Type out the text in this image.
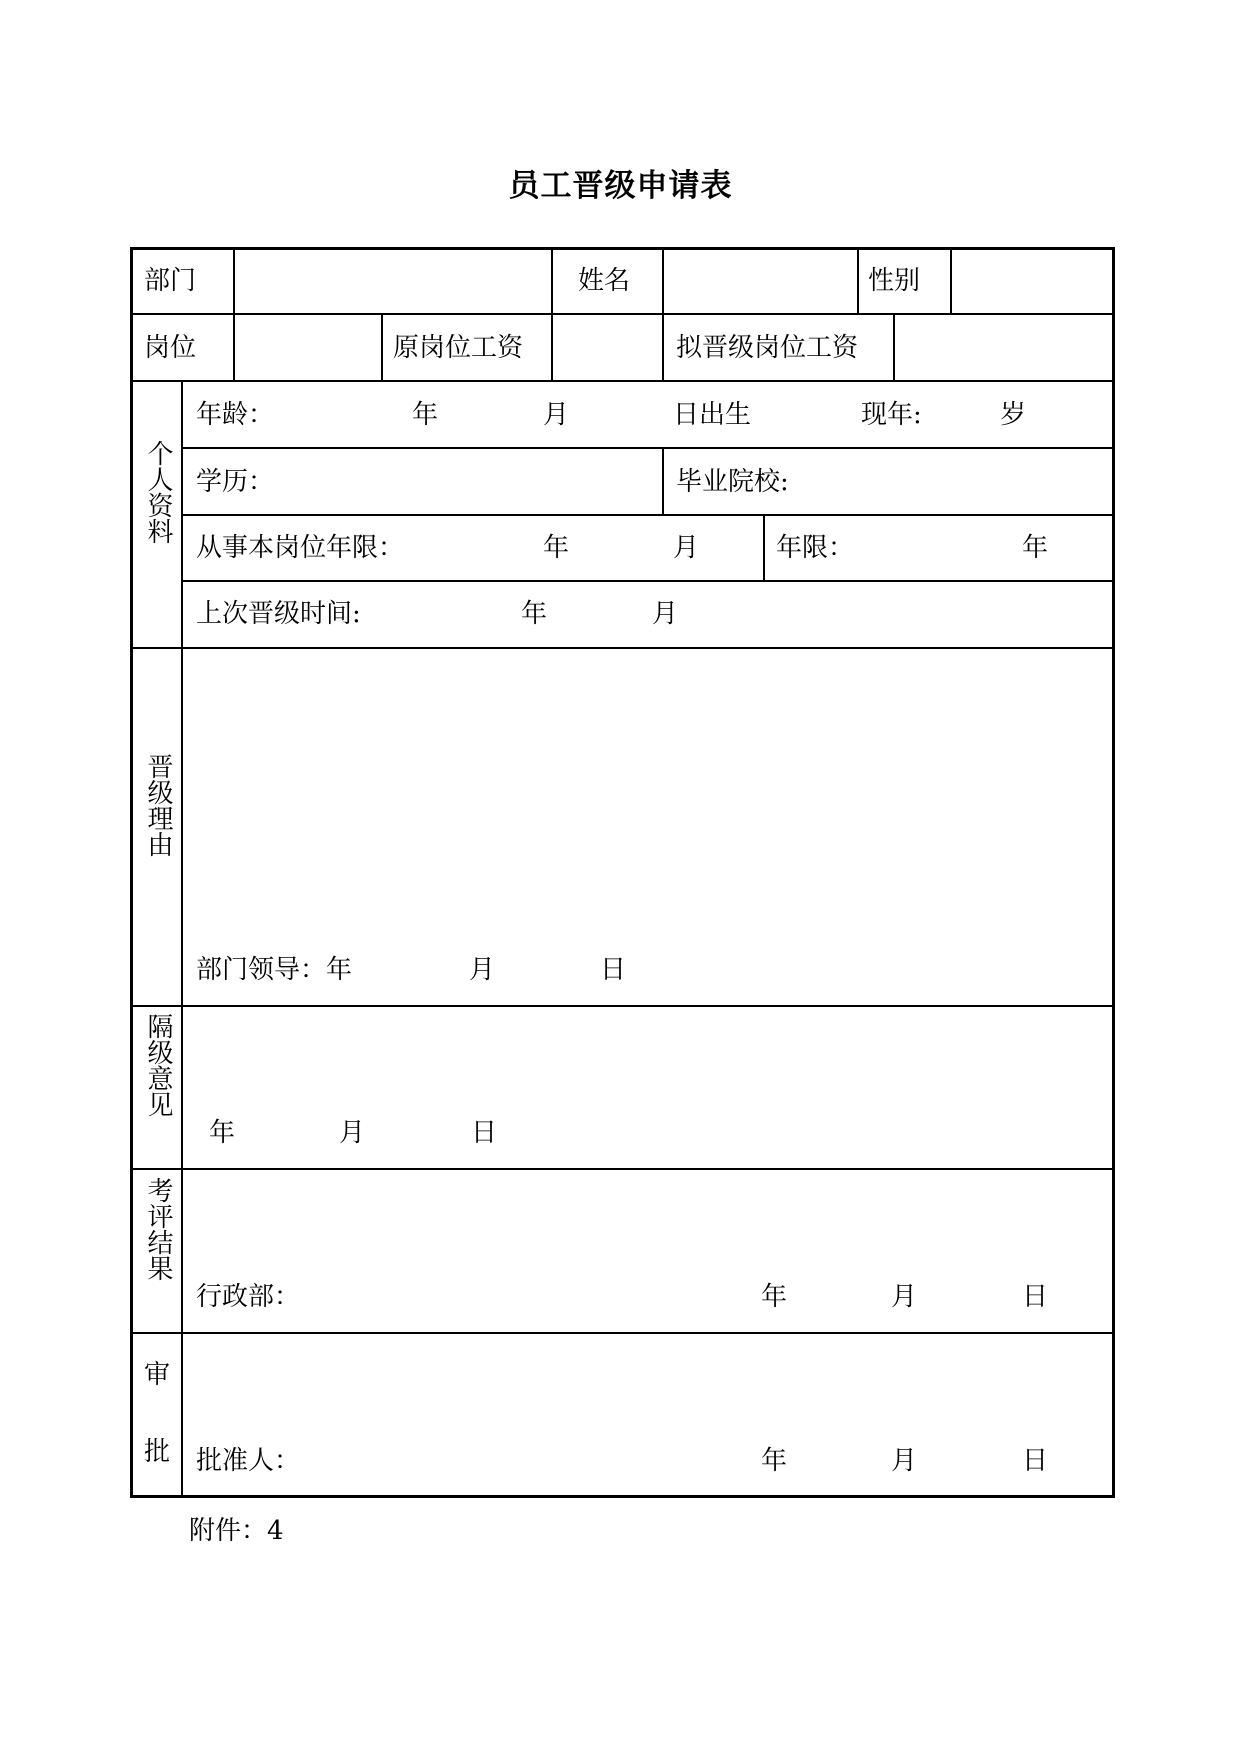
员工晋级申请表
部门	姓名	性别
岗位	原岗位工资	拟晋级岗位工资
个人资料
年龄：	年	月	日出生	现年:	岁
学历：	毕业院校:
从事本岗位年限：	年	月	年限：	年
上次晋级时间:	年	月
晋级理由
部门领导：年	月	日
隔级意见
年	月	日
考评结果
行政部：	年	月	日
审
批 批准人：	年	月	日
附件：4
